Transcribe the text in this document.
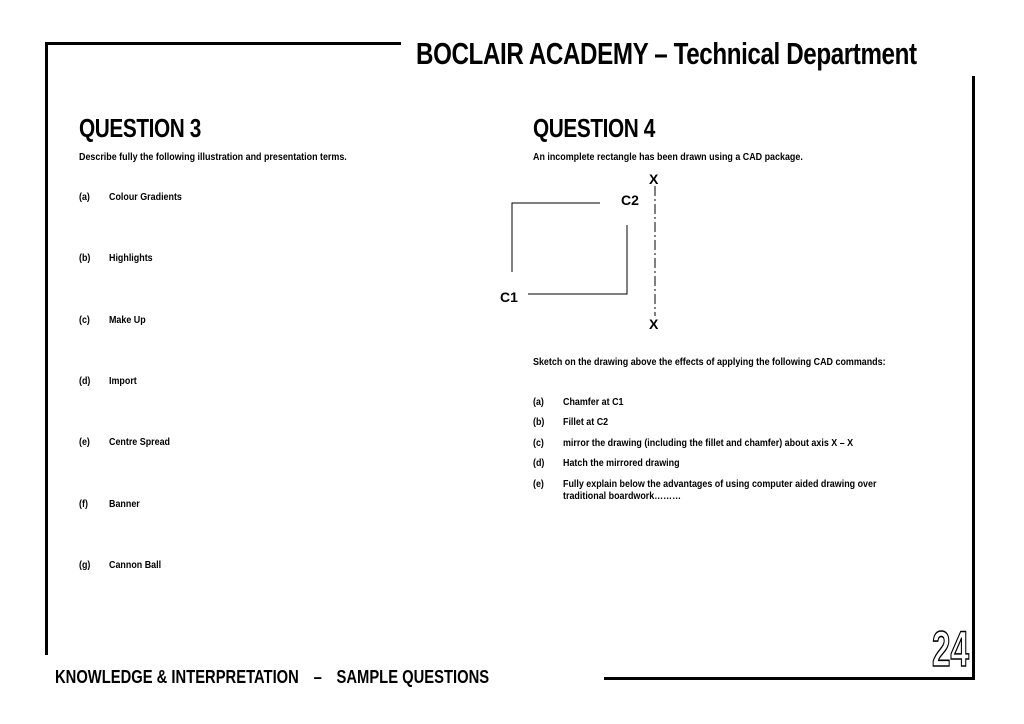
BOCLAIR ACADEMY – Technical Department
QUESTION 3
Describe fully the following illustration and presentation terms.
(a)	Colour Gradients
(b)	Highlights
(c)	Make Up
(d)	Import
(e)	Centre Spread
(f)	Banner
(g)	Cannon Ball
QUESTION 4
An incomplete rectangle has been drawn using a CAD package.
X
X
C2
C1
Sketch on the drawing above the effects of applying the following CAD commands:
(a)	Chamfer at C1
(b)	Fillet at C2
(c)	mirror the drawing (including the fillet and chamfer) about axis X – X
(d)	Hatch the mirrored drawing
(e)	Fully explain below the advantages of using computer aided drawing over traditional boardwork………
KNOWLEDGE & INTERPRETATION – SAMPLE QUESTIONS	24
